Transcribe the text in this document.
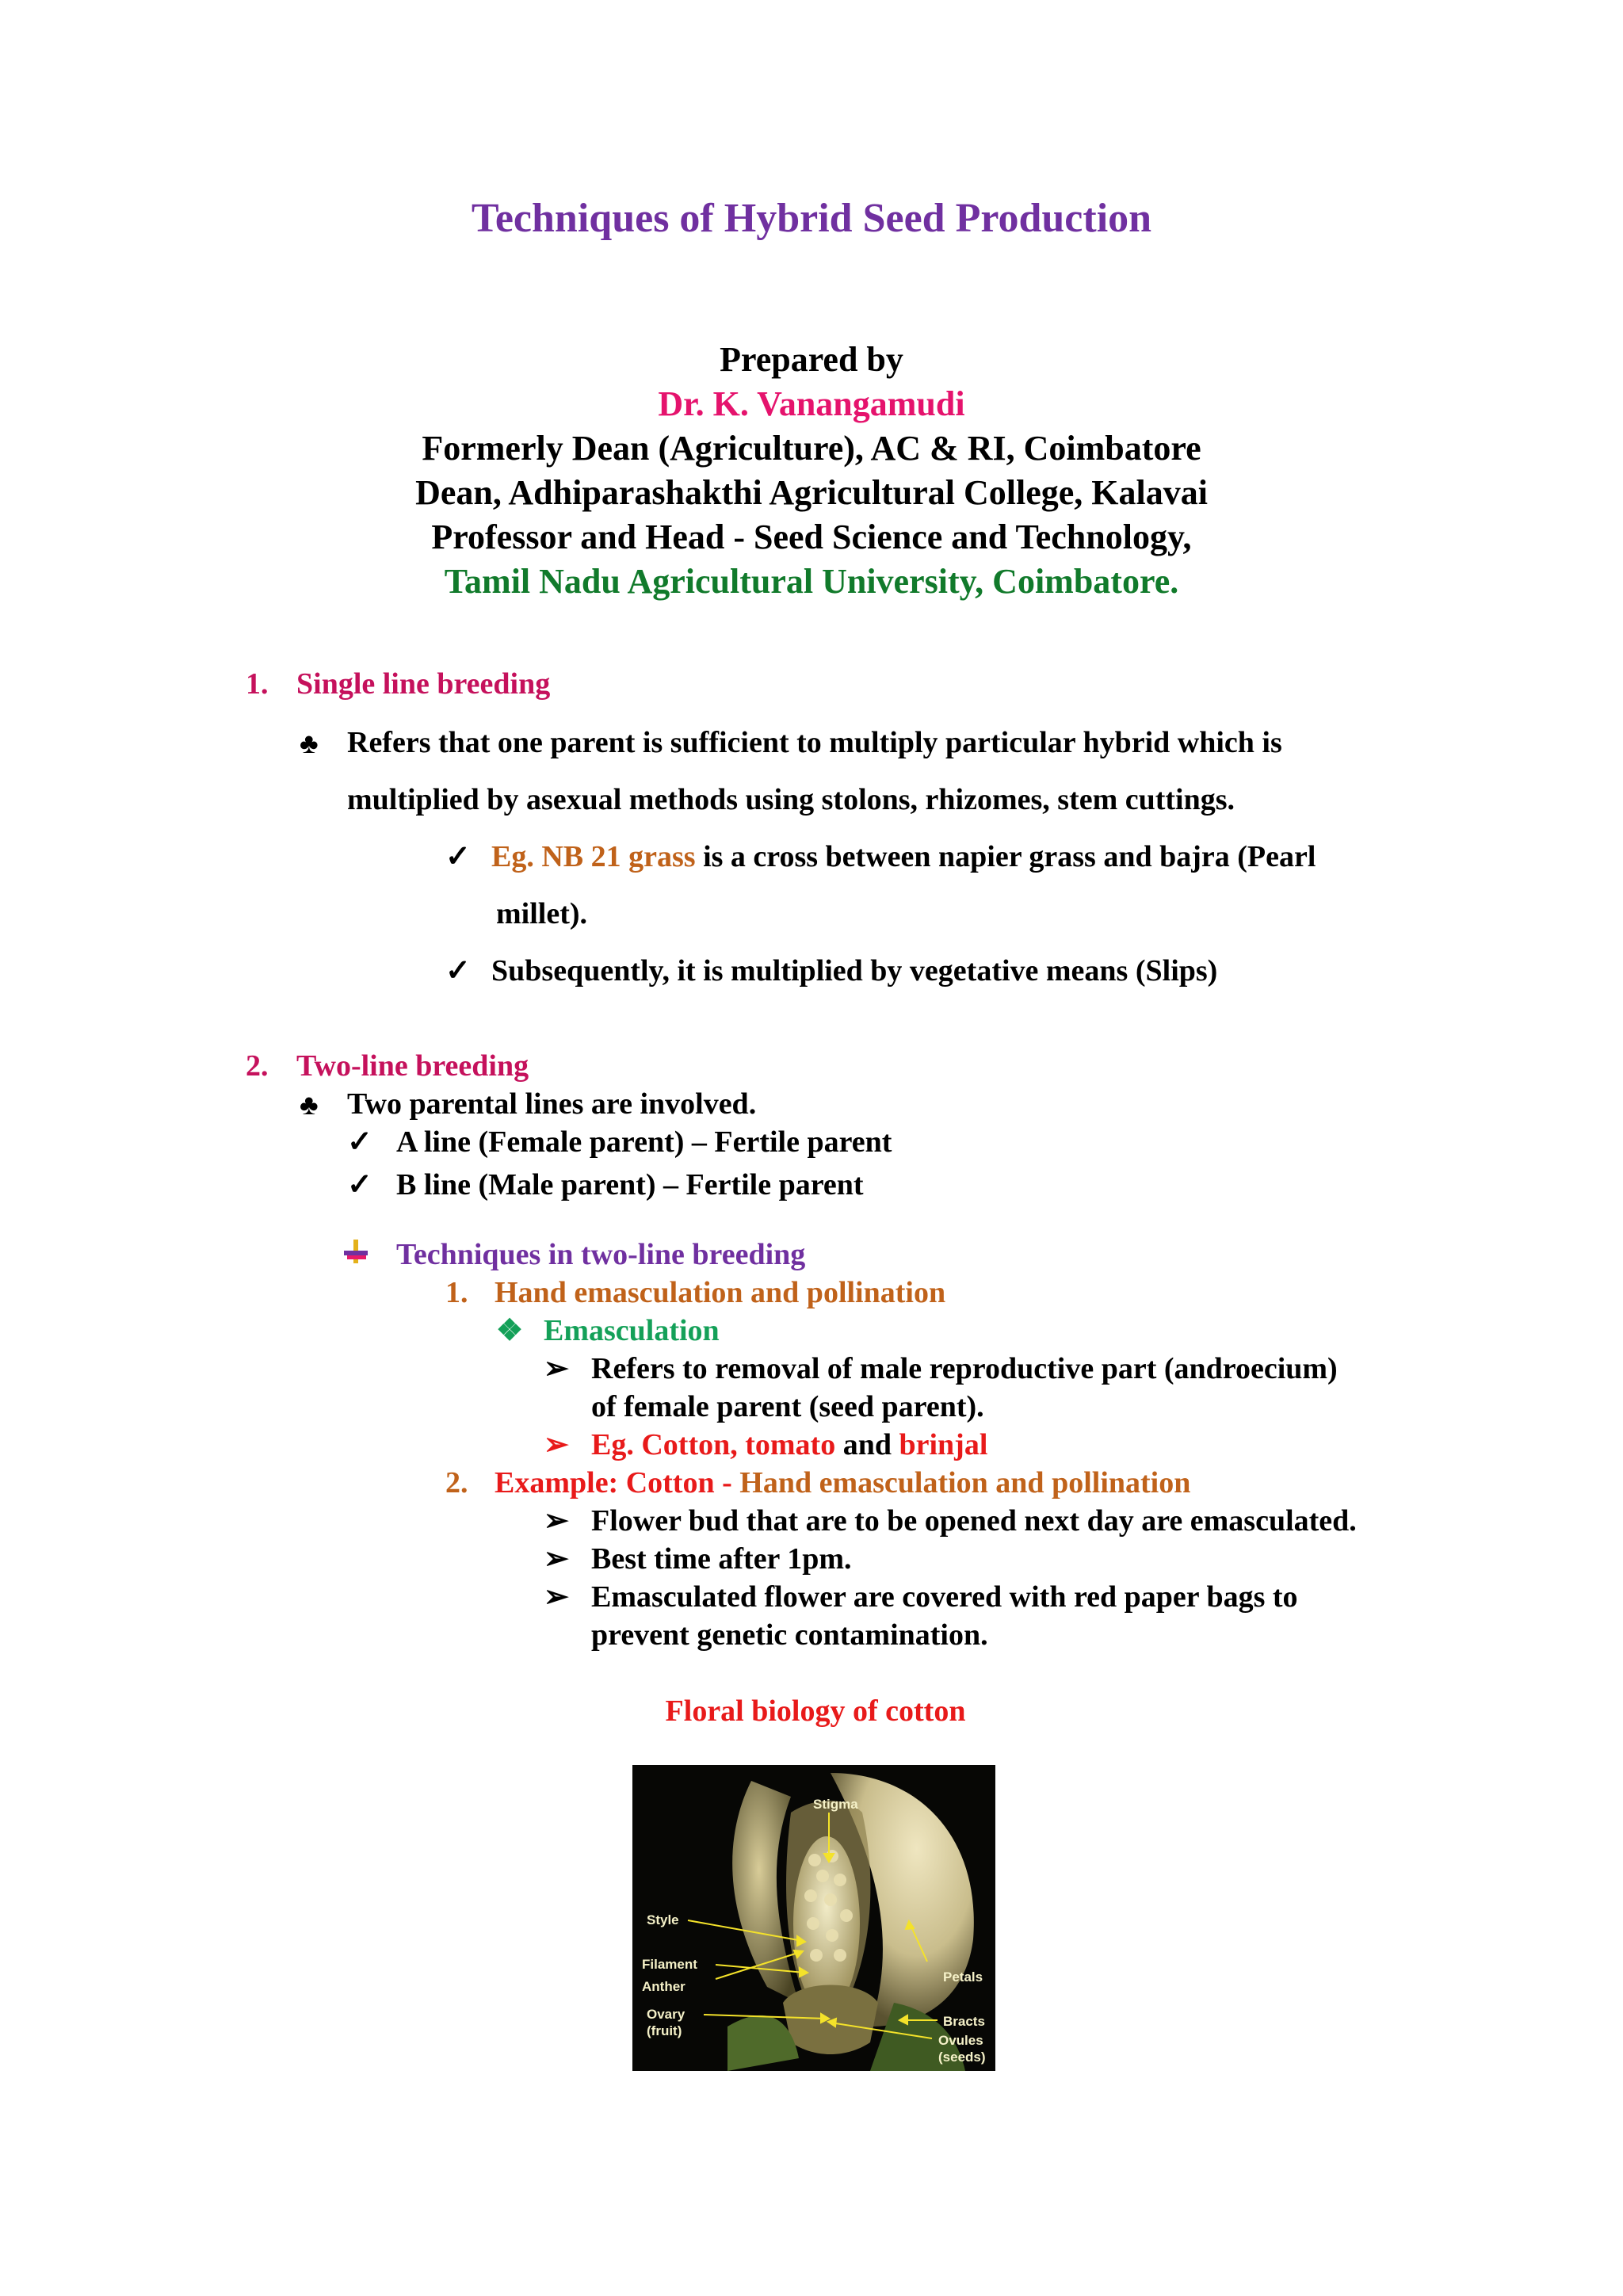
Techniques of Hybrid Seed Production
Prepared by
Dr. K. Vanangamudi
Formerly Dean (Agriculture), AC & RI, Coimbatore
Dean, Adhiparashakthi Agricultural College, Kalavai
Professor and Head - Seed Science and Technology,
Tamil Nadu Agricultural University, Coimbatore.
1. Single line breeding
♣ Refers that one parent is sufficient to multiply particular hybrid which is
multiplied by asexual methods using stolons, rhizomes, stem cuttings.
✓ Eg. NB 21 grass is a cross between napier grass and bajra (Pearl
millet).
✓ Subsequently, it is multiplied by vegetative means (Slips)
2. Two-line breeding
♣ Two parental lines are involved.
✓ A line (Female parent) – Fertile parent
✓ B line (Male parent) – Fertile parent
Techniques in two-line breeding
1. Hand emasculation and pollination
❖ Emasculation
➢ Refers to removal of male reproductive part (androecium)
of female parent (seed parent).
➢ Eg. Cotton, tomato and brinjal
2. Example: Cotton - Hand emasculation and pollination
➢ Flower bud that are to be opened next day are emasculated.
➢ Best time after 1pm.
➢ Emasculated flower are covered with red paper bags to
prevent genetic contamination.
Floral biology of cotton
Stigma
Style
Filament
Anther
Ovary
(fruit)
Petals
Bracts
Ovules
(seeds)
